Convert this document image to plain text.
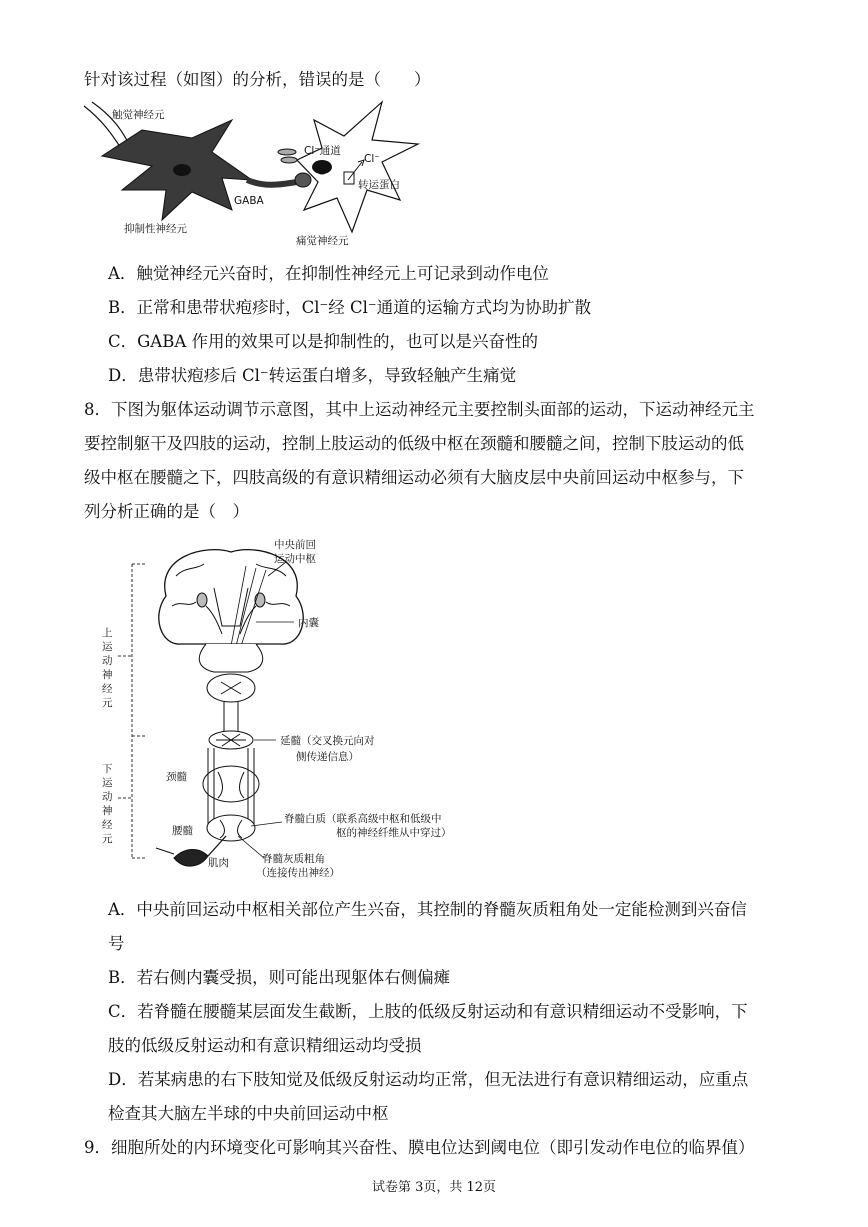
针对该过程（如图）的分析，错误的是（　　）
触觉神经元
Cl⁻通道
Cl⁻
转运蛋白
GABA
抑制性神经元
痛觉神经元
A．触觉神经元兴奋时，在抑制性神经元上可记录到动作电位
B．正常和患带状疱疹时，Cl⁻经 Cl⁻通道的运输方式均为协助扩散
C．GABA 作用的效果可以是抑制性的，也可以是兴奋性的
D．患带状疱疹后 Cl⁻转运蛋白增多，导致轻触产生痛觉
8．下图为躯体运动调节示意图，其中上运动神经元主要控制头面部的运动，下运动神经元主
要控制躯干及四肢的运动，控制上肢运动的低级中枢在颈髓和腰髓之间，控制下肢运动的低
级中枢在腰髓之下，四肢高级的有意识精细运动必须有大脑皮层中央前回运动中枢参与，下
列分析正确的是（　）
中央前回
运动中枢
内囊
上运动神经元
下运动神经元
延髓（交叉换元向对
侧传递信息）
颈髓
脊髓白质（联系高级中枢和低级中
枢的神经纤维从中穿过）
腰髓
肌肉	脊髓灰质粗角
（连接传出神经）
A．中央前回运动中枢相关部位产生兴奋，其控制的脊髓灰质粗角处一定能检测到兴奋信
号
B．若右侧内囊受损，则可能出现躯体右侧偏瘫
C．若脊髓在腰髓某层面发生截断，上肢的低级反射运动和有意识精细运动不受影响，下
肢的低级反射运动和有意识精细运动均受损
D．若某病患的右下肢知觉及低级反射运动均正常，但无法进行有意识精细运动，应重点
检查其大脑左半球的中央前回运动中枢
9．细胞所处的内环境变化可影响其兴奋性、膜电位达到阈电位（即引发动作电位的临界值）
试卷第 3页，共 12页
